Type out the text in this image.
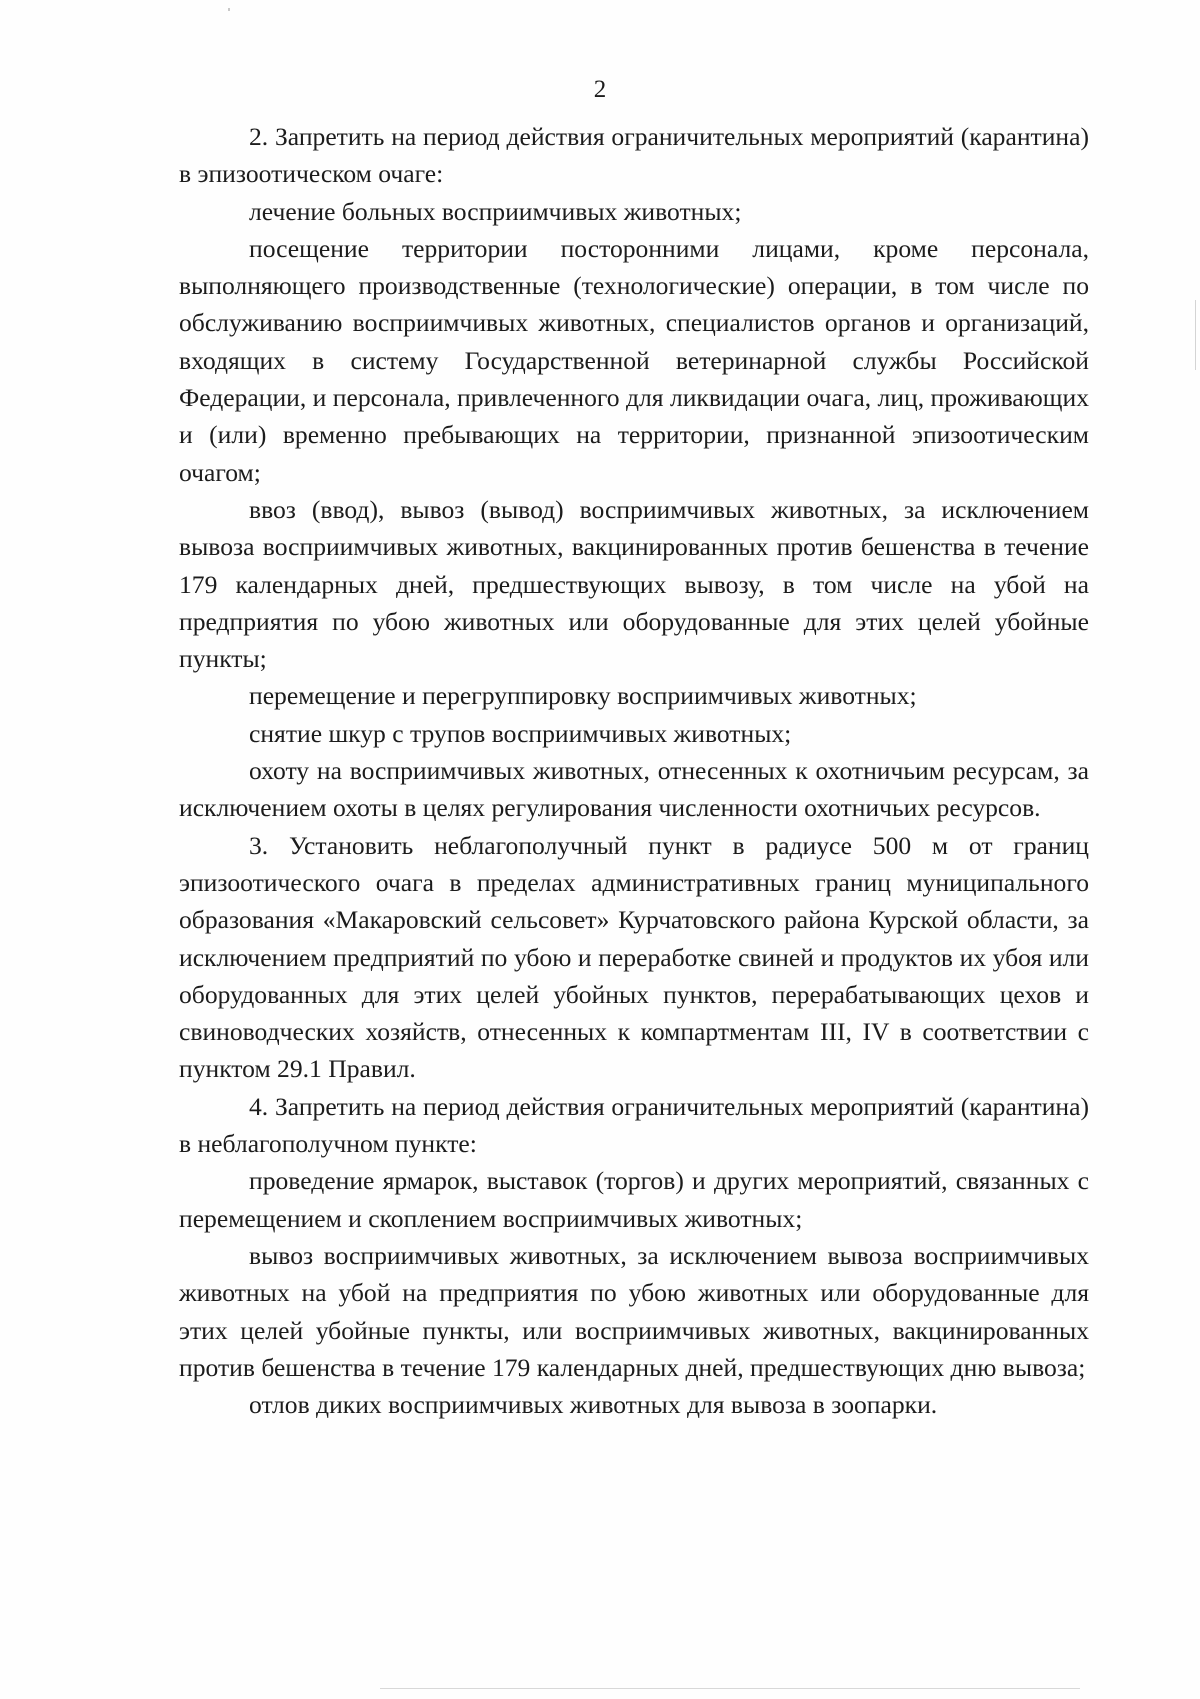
2

2. Запретить на период действия ограничительных мероприятий (карантина) в эпизоотическом очаге:

лечение больных восприимчивых животных;

посещение территории посторонними лицами, кроме персонала, выполняющего производственные (технологические) операции, в том числе по обслуживанию восприимчивых животных, специалистов органов и организаций, входящих в систему Государственной ветеринарной службы Российской Федерации, и персонала, привлеченного для ликвидации очага, лиц, проживающих и (или) временно пребывающих на территории, признанной эпизоотическим очагом;

ввоз (ввод), вывоз (вывод) восприимчивых животных, за исключением вывоза восприимчивых животных, вакцинированных против бешенства в течение 179 календарных дней, предшествующих вывозу, в том числе на убой на предприятия по убою животных или оборудованные для этих целей убойные пункты;

перемещение и перегруппировку восприимчивых животных;

снятие шкур с трупов восприимчивых животных;

охоту на восприимчивых животных, отнесенных к охотничьим ресурсам, за исключением охоты в целях регулирования численности охотничьих ресурсов.

3. Установить неблагополучный пункт в радиусе 500 м от границ эпизоотического очага в пределах административных границ муниципального образования «Макаровский сельсовет» Курчатовского района Курской области, за исключением предприятий по убою и переработке свиней и продуктов их убоя или оборудованных для этих целей убойных пунктов, перерабатывающих цехов и свиноводческих хозяйств, отнесенных к компартментам III, IV в соответствии с пунктом 29.1 Правил.

4. Запретить на период действия ограничительных мероприятий (карантина) в неблагополучном пункте:

проведение ярмарок, выставок (торгов) и других мероприятий, связанных с перемещением и скоплением восприимчивых животных;

вывоз восприимчивых животных, за исключением вывоза восприимчивых животных на убой на предприятия по убою животных или оборудованные для этих целей убойные пункты, или восприимчивых животных, вакцинированных против бешенства в течение 179 календарных дней, предшествующих дню вывоза;

отлов диких восприимчивых животных для вывоза в зоопарки.
